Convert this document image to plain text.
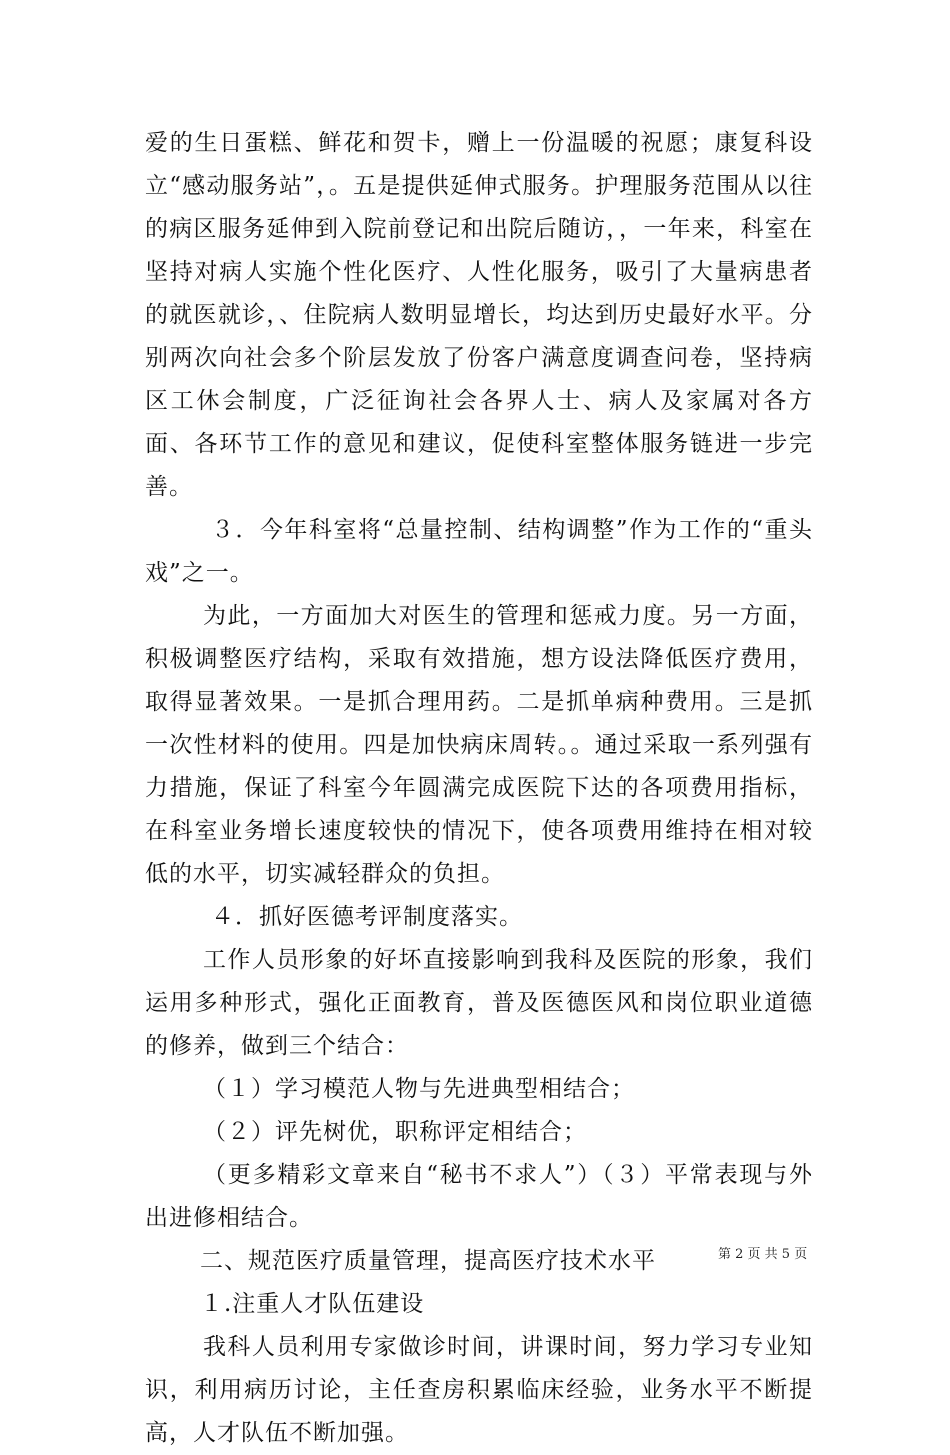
爱的生日蛋糕、鲜花和贺卡，赠上一份温暖的祝愿；康复科设立“感动服务站”，。五是提供延伸式服务。护理服务范围从以往的病区服务延伸到入院前登记和出院后随访，，一年来，科室在坚持对病人实施个性化医疗、人性化服务，吸引了大量病患者的就医就诊，、住院病人数明显增长，均达到历史最好水平。分别两次向社会多个阶层发放了份客户满意度调查问卷，坚持病区工休会制度，广泛征询社会各界人士、病人及家属对各方面、各环节工作的意见和建议，促使科室整体服务链进一步完善。

３．今年科室将“总量控制、结构调整”作为工作的“重头戏”之一。

为此，一方面加大对医生的管理和惩戒力度。另一方面，积极调整医疗结构，采取有效措施，想方设法降低医疗费用，取得显著效果。一是抓合理用药。二是抓单病种费用。三是抓一次性材料的使用。四是加快病床周转。。通过采取一系列强有力措施，保证了科室今年圆满完成医院下达的各项费用指标，在科室业务增长速度较快的情况下，使各项费用维持在相对较低的水平，切实减轻群众的负担。

４．抓好医德考评制度落实。

工作人员形象的好坏直接影响到我科及医院的形象，我们运用多种形式，强化正面教育，普及医德医风和岗位职业道德的修养，做到三个结合：

（１）学习模范人物与先进典型相结合；

（２）评先树优，职称评定相结合；

（更多精彩文章来自“秘书不求人”）（３）平常表现与外出进修相结合。

二、规范医疗质量管理，提高医疗技术水平

１.注重人才队伍建设

我科人员利用专家做诊时间，讲课时间，努力学习专业知识，利用病历讨论，主任查房积累临床经验，业务水平不断提高，人才队伍不断加强。

第 2 页 共 5 页
